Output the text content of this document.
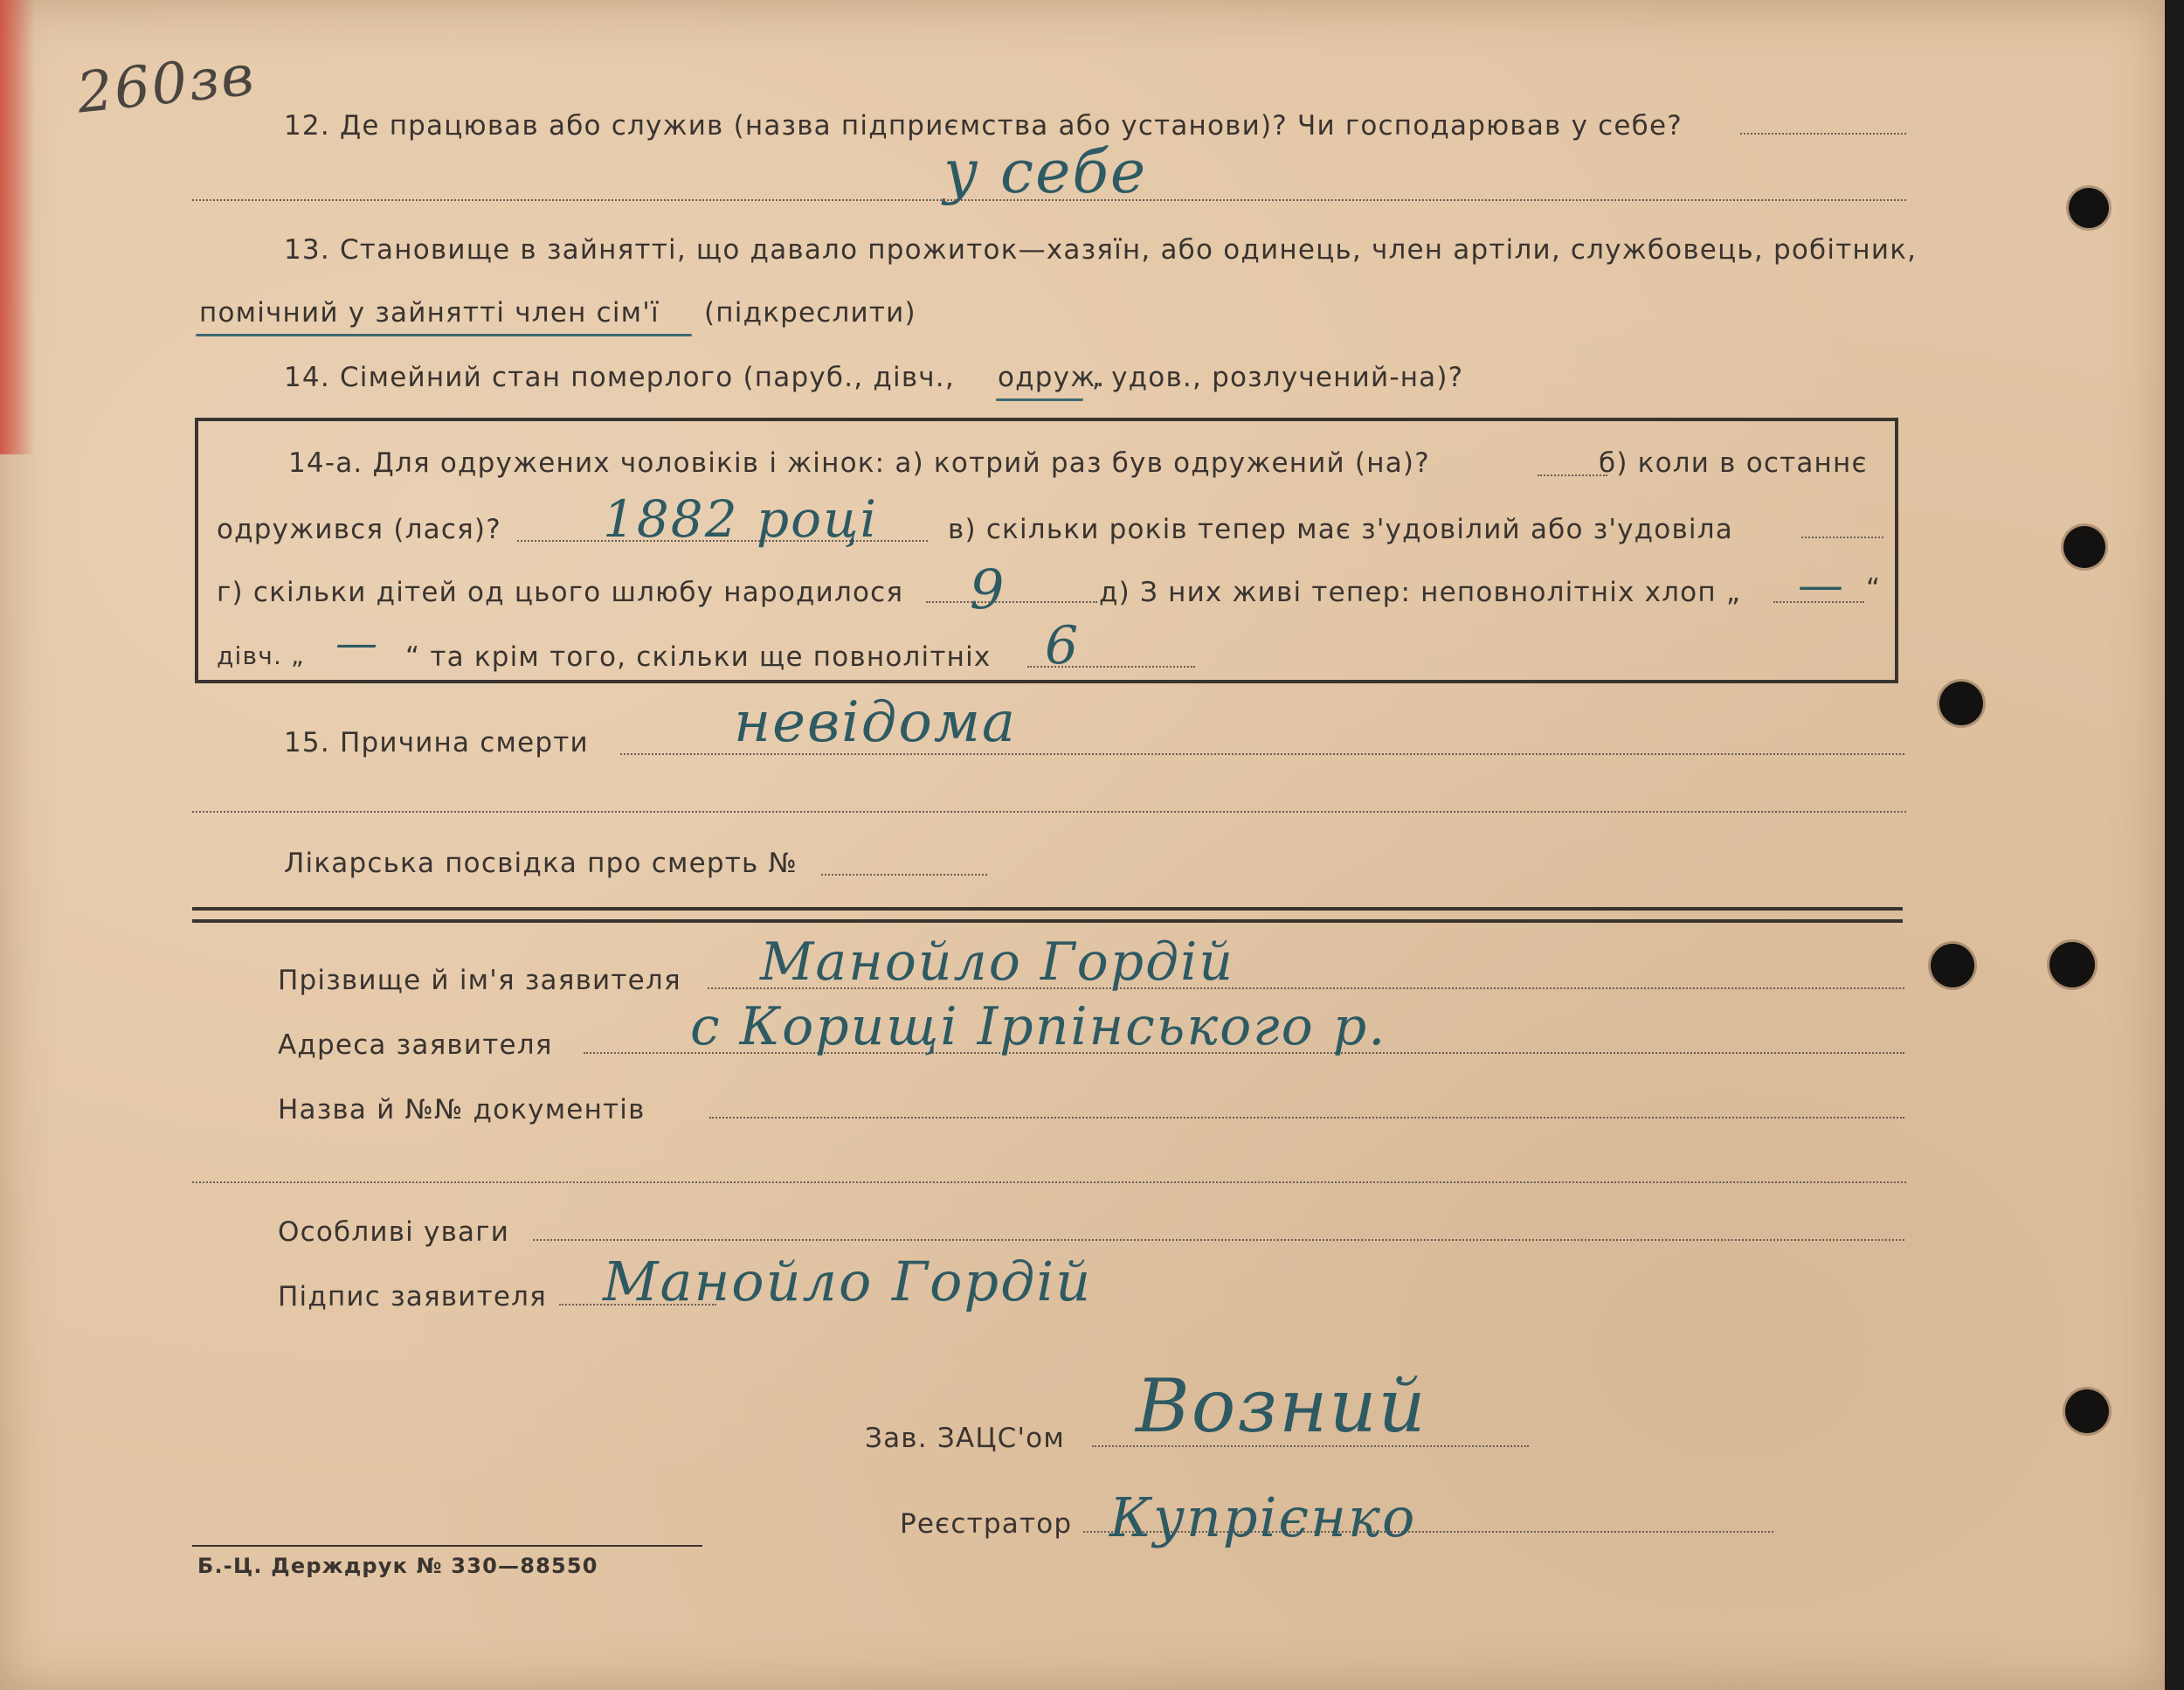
260зв 12. Де працював або служив (назва підприємства або установи)? Чи господарював у себе?
у себе
13. Становище в зайнятті, що давало прожиток—хазяїн, або одинець, член артіли, службовець, робітник,
помічний у зайнятті член сім'ї (підкреслити)
14. Сімейний стан померлого (паруб., дівч., одруж.
, удов., розлучений-на)?
14-а. Для одружених чоловіків і жінок: а) котрий раз був одружений (на)?	б) коли в останнє
одружився (лася)? 1882 році	в) скільки років тепер має з'удовілий або з'удовіла
г) скільки дітей од цього шлюбу народилося 9	д) З них живі тепер: неповнолітніх хлоп „ — “
дівч. „ — “ та крім того, скільки ще повнолітніх 6
15. Причина смерти	невідома
Лікарська посвідка про смерть №
Прізвище й ім'я заявителя Манойло Гордій
Адреса заявителя	с Корищі Ірпінського р.
Назва й №№ документів
Особливі уваги
Підпис заявителя Манойло Гордій
Зав. ЗАЦС'ом Возний
Реєстратор Купрієнко
Б.-Ц. Держдрук № 330—88550
